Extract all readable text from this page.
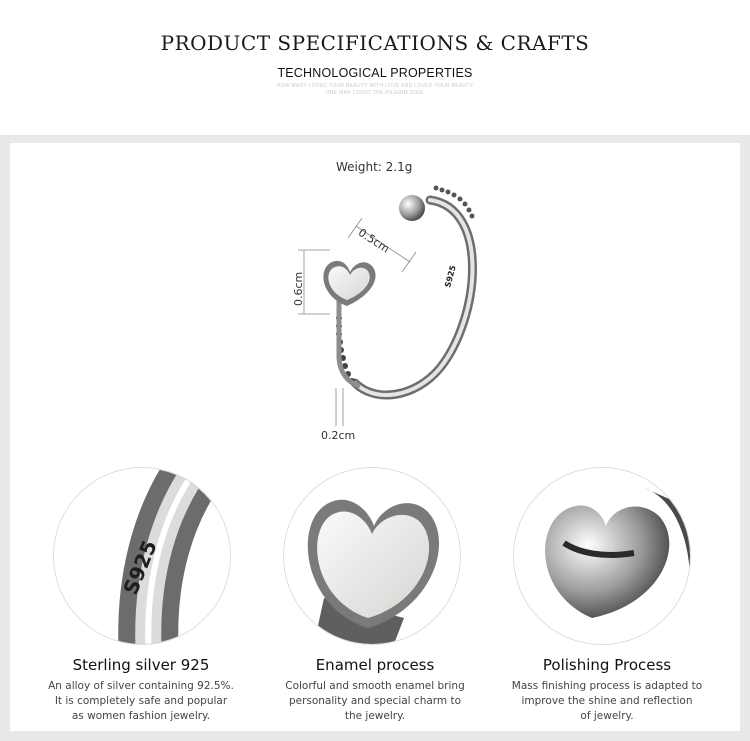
PRODUCT SPECIFICATIONS & CRAFTS
TECHNOLOGICAL PROPERTIES
HOW MANY LOVED YOUR BEAUTY WITH LOVE AND LOVED YOUR BEAUTY
ONE MAN LOVED THE PILGRIM SOUL
Weight: 2.1g
S925
0.5cm
0.6cm
0.2cm
S925
Sterling silver 925
An alloy of silver containing 92.5%.
It is completely safe and popular
as women fashion jewelry.
Enamel process
Colorful and smooth enamel bring
personality and special charm to
the jewelry.
Polishing Process
Mass finishing process is adapted to
improve the shine and reflection
of jewelry.
